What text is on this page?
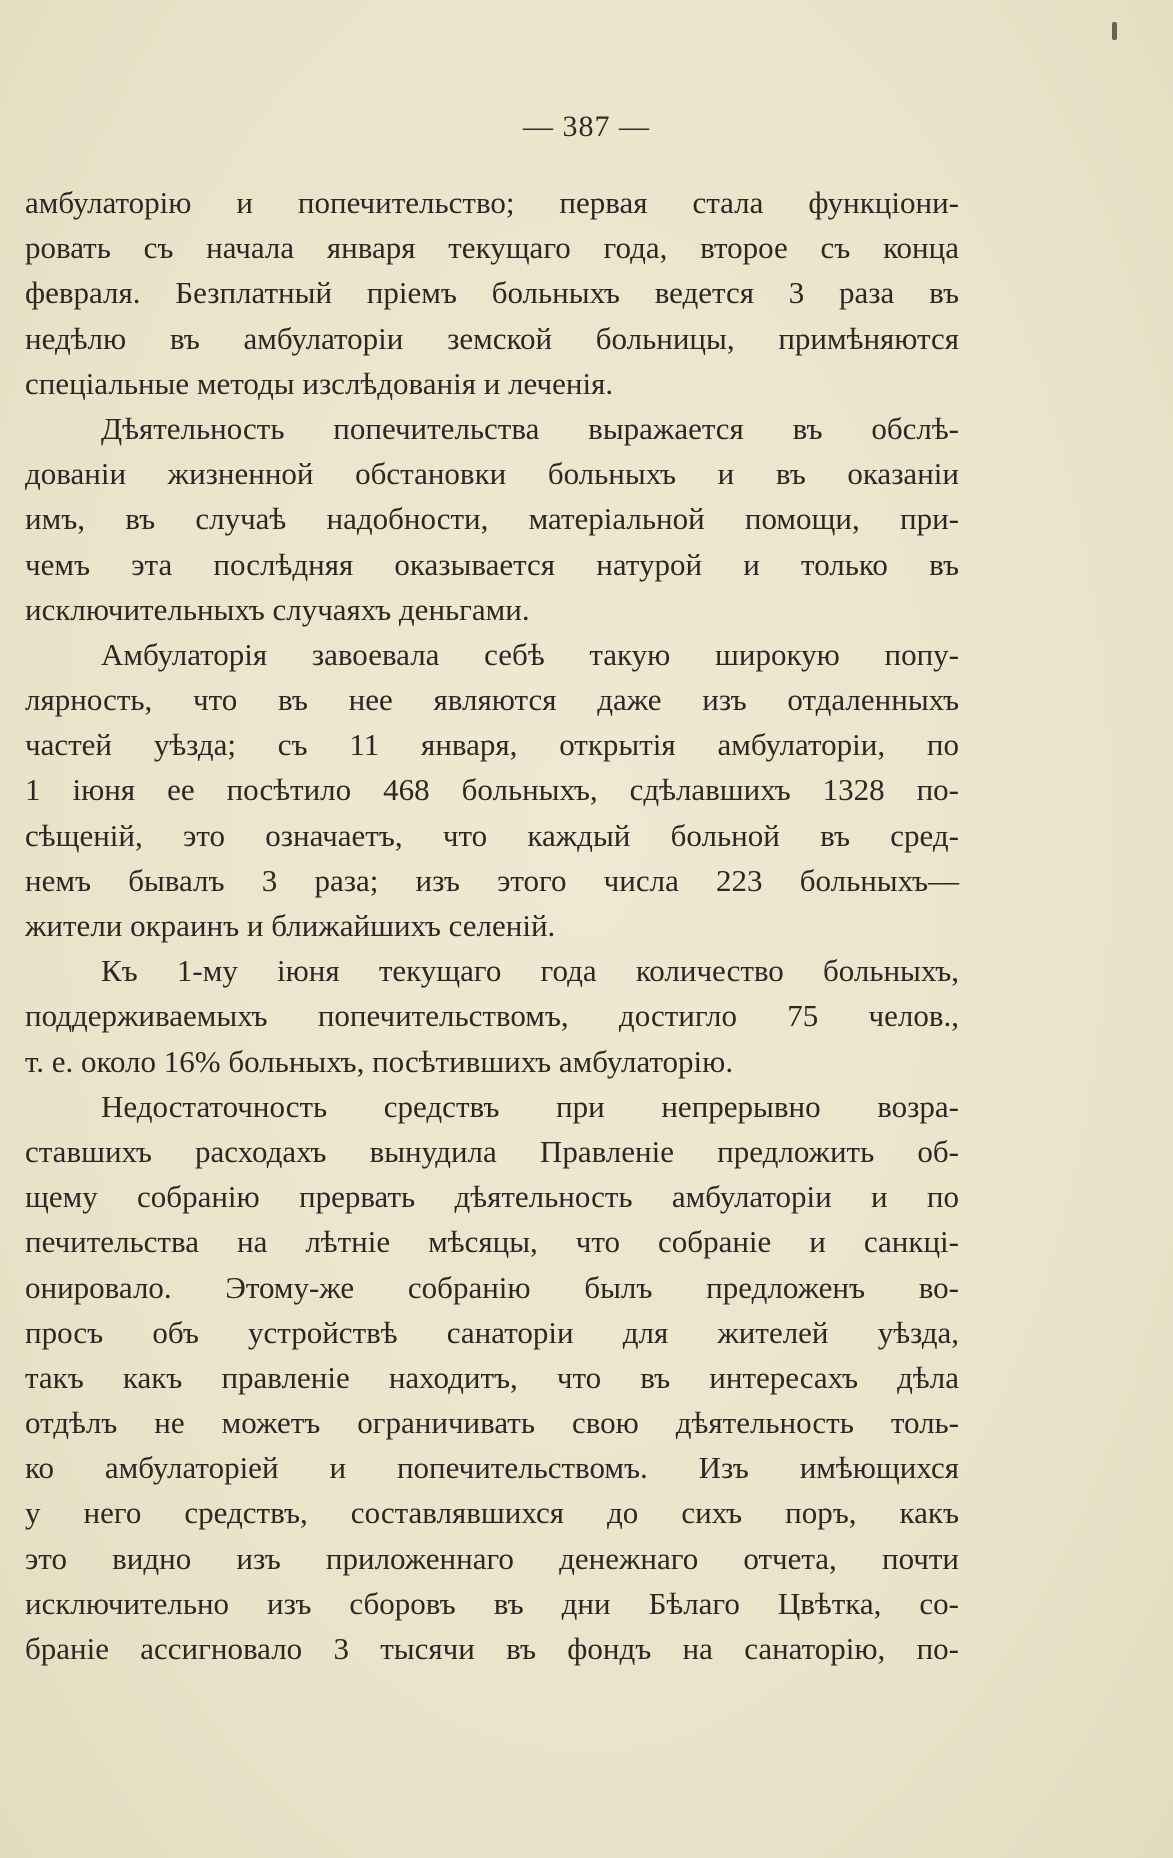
— 387 —
амбулаторію и попечительство; первая стала функціони-
ровать съ начала января текущаго года, второе съ конца
февраля. Безплатный пріемъ больныхъ ведется 3 раза въ
недѣлю въ амбулаторіи земской больницы, примѣняются
спеціальные методы изслѣдованія и леченія.
Дѣятельность попечительства выражается въ обслѣ-
дованіи жизненной обстановки больныхъ и въ оказаніи
имъ, въ случаѣ надобности, матеріальной помощи, при-
чемъ эта послѣдняя оказывается натурой и только въ
исключительныхъ случаяхъ деньгами.
Амбулаторія завоевала себѣ такую широкую попу-
лярность, что въ нее являются даже изъ отдаленныхъ
частей уѣзда; съ 11 января, открытія амбулаторіи, по
1 іюня ее посѣтило 468 больныхъ, сдѣлавшихъ 1328 по-
сѣщеній, это означаетъ, что каждый больной въ сред-
немъ бывалъ 3 раза; изъ этого числа 223 больныхъ—
жители окраинъ и ближайшихъ селеній.
Къ 1-му іюня текущаго года количество больныхъ,
поддерживаемыхъ попечительствомъ, достигло 75 челов.,
т. е. около 16% больныхъ, посѣтившихъ амбулаторію.
Недостаточность средствъ при непрерывно возра-
ставшихъ расходахъ вынудила Правленіе предложить об-
щему собранію прервать дѣятельность амбулаторіи и по
печительства на лѣтніе мѣсяцы, что собраніе и санкці-
онировало. Этому-же собранію былъ предложенъ во-
просъ объ устройствѣ санаторіи для жителей уѣзда,
такъ какъ правленіе находитъ, что въ интересахъ дѣла
отдѣлъ не можетъ ограничивать свою дѣятельность толь-
ко амбулаторіей и попечительствомъ. Изъ имѣющихся
у него средствъ, составлявшихся до сихъ поръ, какъ
это видно изъ приложеннаго денежнаго отчета, почти
исключительно изъ сборовъ въ дни Бѣлаго Цвѣтка, со-
браніе ассигновало 3 тысячи въ фондъ на санаторію, по-
